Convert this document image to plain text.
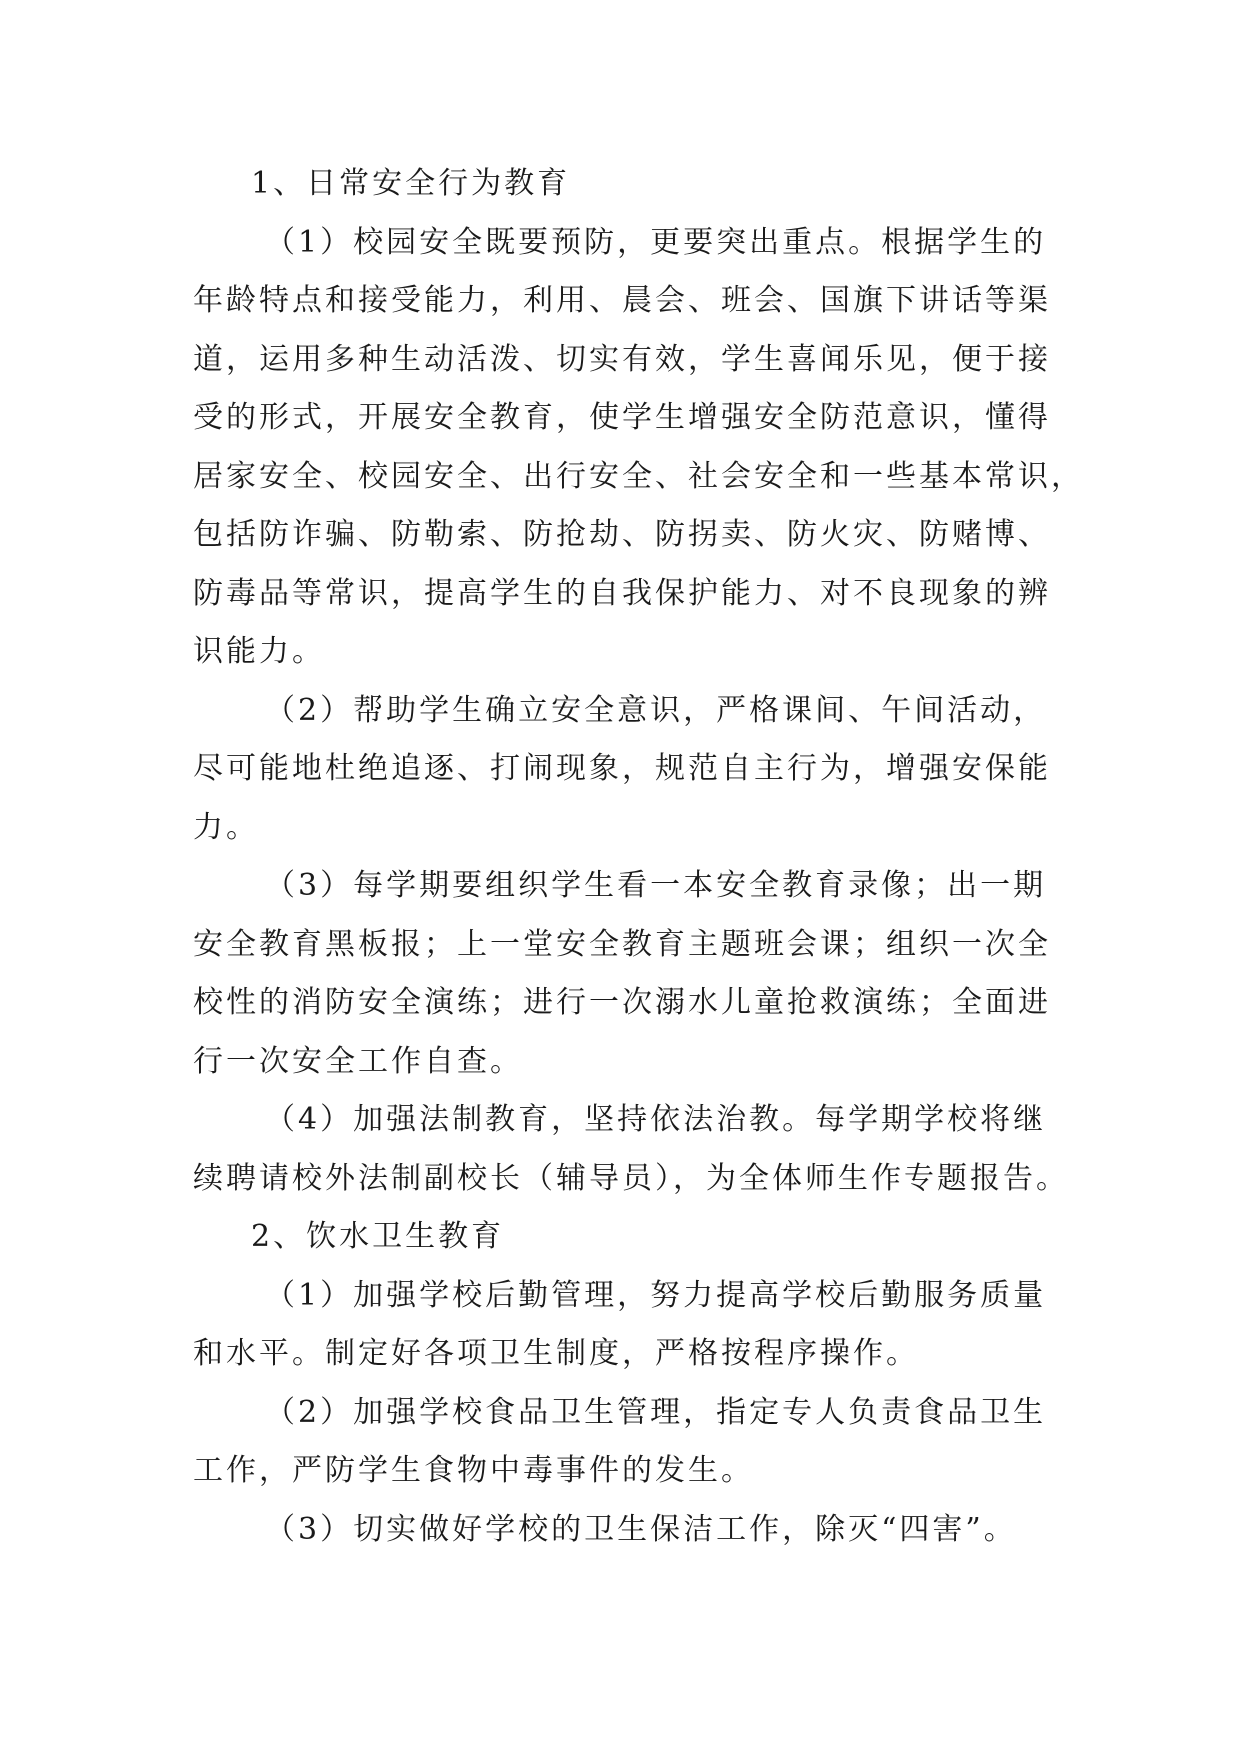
1、日常安全行为教育
（1）校园安全既要预防，更要突出重点。根据学生的
年龄特点和接受能力，利用、晨会、班会、国旗下讲话等渠
道，运用多种生动活泼、切实有效，学生喜闻乐见，便于接
受的形式，开展安全教育，使学生增强安全防范意识，懂得
居家安全、校园安全、出行安全、社会安全和一些基本常识，
包括防诈骗、防勒索、防抢劫、防拐卖、防火灾、防赌博、
防毒品等常识，提高学生的自我保护能力、对不良现象的辨
识能力。
（2）帮助学生确立安全意识，严格课间、午间活动，
尽可能地杜绝追逐、打闹现象，规范自主行为，增强安保能
力。
（3）每学期要组织学生看一本安全教育录像；出一期
安全教育黑板报；上一堂安全教育主题班会课；组织一次全
校性的消防安全演练；进行一次溺水儿童抢救演练；全面进
行一次安全工作自查。
（4）加强法制教育，坚持依法治教。每学期学校将继
续聘请校外法制副校长（辅导员），为全体师生作专题报告。
2、饮水卫生教育
（1）加强学校后勤管理，努力提高学校后勤服务质量
和水平。制定好各项卫生制度，严格按程序操作。
（2）加强学校食品卫生管理，指定专人负责食品卫生
工作，严防学生食物中毒事件的发生。
（3）切实做好学校的卫生保洁工作，除灭“四害”。
